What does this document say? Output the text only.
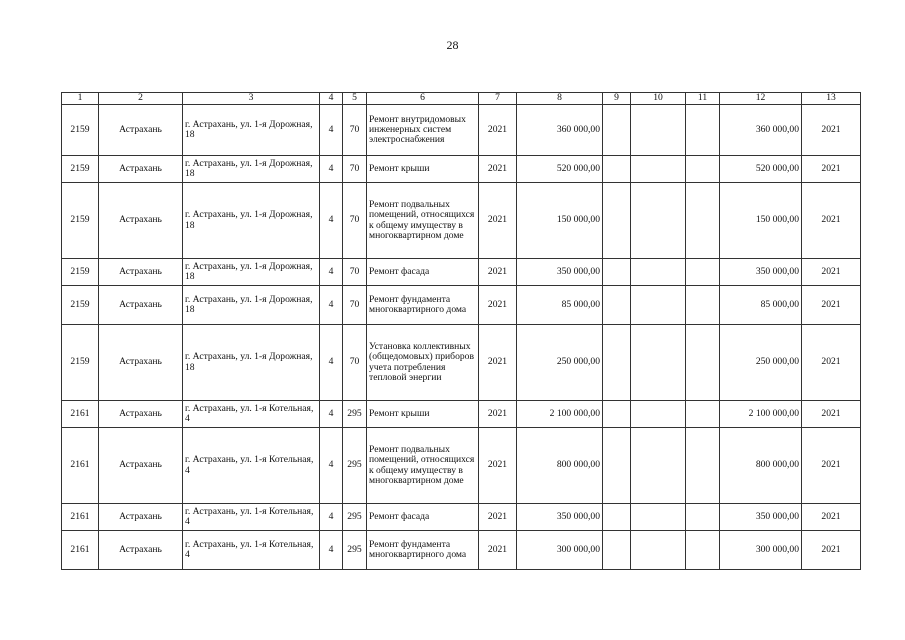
28
1	2	3	4	5	6	7	8	9	10	11	12	13
2159	Астрахань	г. Астрахань, ул. 1-я Дорожная, 18	4	70	Ремонт внутридомовых инженерных систем электроснабжения	2021	360 000,00				360 000,00	2021
2159	Астрахань	г. Астрахань, ул. 1-я Дорожная, 18	4	70	Ремонт крыши	2021	520 000,00				520 000,00	2021
2159	Астрахань	г. Астрахань, ул. 1-я Дорожная, 18	4	70	Ремонт подвальных помещений, относящихся к общему имуществу в многоквартирном доме	2021	150 000,00				150 000,00	2021
2159	Астрахань	г. Астрахань, ул. 1-я Дорожная, 18	4	70	Ремонт фасада	2021	350 000,00				350 000,00	2021
2159	Астрахань	г. Астрахань, ул. 1-я Дорожная, 18	4	70	Ремонт фундамента многоквартирного дома	2021	85 000,00				85 000,00	2021
2159	Астрахань	г. Астрахань, ул. 1-я Дорожная, 18	4	70	Установка коллективных (общедомовых) приборов учета потребления тепловой энергии	2021	250 000,00				250 000,00	2021
2161	Астрахань	г. Астрахань, ул. 1-я Котельная, 4	4	295	Ремонт крыши	2021	2 100 000,00				2 100 000,00	2021
2161	Астрахань	г. Астрахань, ул. 1-я Котельная, 4	4	295	Ремонт подвальных помещений, относящихся к общему имуществу в многоквартирном доме	2021	800 000,00				800 000,00	2021
2161	Астрахань	г. Астрахань, ул. 1-я Котельная, 4	4	295	Ремонт фасада	2021	350 000,00				350 000,00	2021
2161	Астрахань	г. Астрахань, ул. 1-я Котельная, 4	4	295	Ремонт фундамента многоквартирного дома	2021	300 000,00				300 000,00	2021
